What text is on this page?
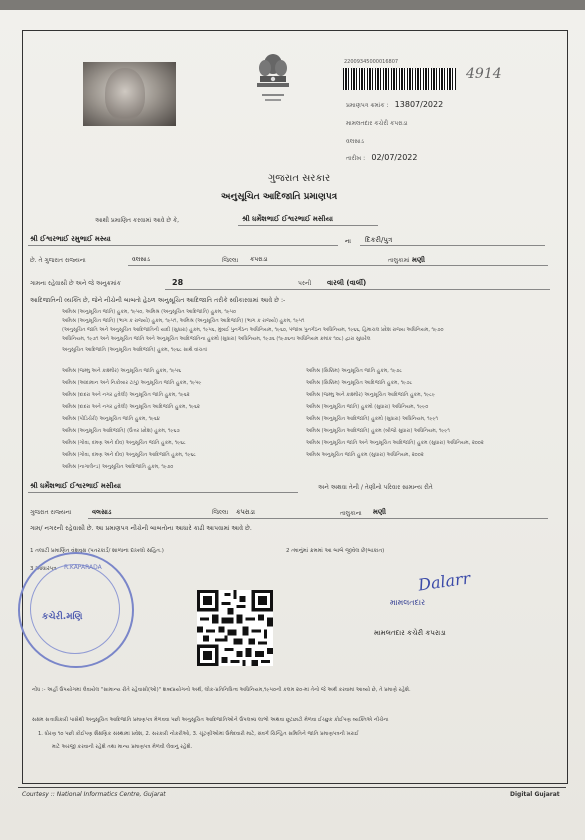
22009345000016807
4914
પ્રમાણપત્ર ક્રમાંક : 13807/2022
મામલતદાર કચેરી કપરાડા
વલસાડ
તારીખ : 02/07/2022
ગુજરાત સરકાર
અનુસૂચિત આદિજાતિ પ્રમાણપત્ર
આથી પ્રમાણિત કરવામાં આવે છે કે,	શ્રી ધર્મેશભાઈ ઈશ્વરભાઈ મસીયા
શ્રી ઈશ્વરભાઈ રમુભાઈ મસ્યા	ના દિકરી/પુત્ર
છે. તે ગુજરાત રાજ્યના	વલસાડ	જિલ્લા કપરાડા	તાલુકામાં મણી
ગામના રહેવાસી છે અને જે અનુક્રમાંક	28	પરની વારલી (વાર્લી)
આદિજાતિની વ્યક્તિ છે, જેને નીચેની બાબતો હેઠળ અનુસૂચિત આદિજાતિ તરીકે સ્વીકારવામાં આવે છે :-
અમિશ્ર (અનુસૂચિત જાતિ) હુકમ, ૧૯૫૦, અમિશ્ર (અનુસૂચિત આદિજાતિ) હુકમ, ૧૯૫૦
અમિશ્ર (અનુસૂચિત જાતિ) (ભાગ ક રાજ્યો) હુકમ, ૧૯૫૧, અમિશ્ર (અનુસૂચિત આદિજાતિ) (ભાગ ક રાજ્યો) હુકમ, ૧૯૫૧
(અનુસૂચિત જાતિ અને અનુસૂચિત આદિજાતિની યાદી (સુધારા) હુકમ, ૧૯૫૬, મુંબઈ પુનર્ગઠન અધિનિયમ, ૧૯૬૦, પંજાબ પુનર્ગઠન અધિનિયમ, ૧૯૬૬, હિમાચલ પ્રદેશ રાજ્ય અધિનિયમ, ૧૯૭૦
અધિનિયમ, ૧૯૭૧ અને અનુસૂચિત જાતિ અને અનુસૂચિત આદિજાતિના હુકમો (સુધારા) અધિનિયમ, ૧૯૭૬ (૧૯૭૬ના અધિનિયમ ક્રમાંક ૧૦૮) દ્વારા સુધારેલ
અનુસૂચિત આદિજાતિ (અનુસૂચિત આદિજાતિ) હુકમ, ૧૯૬૮ સાથે વાંચતાં
અમિશ્ર (જમ્મુ અને કાશ્મીર) અનુસૂચિત જાતિ હુકમ, ૧૯૫૬
અમિશ્ર (આંદામાન અને નિકોબાર ટાપુ) અનુસૂચિત જાતિ હુકમ, ૧૯૫૯
અમિશ્ર (દાદરા અને નગર હવેલી) અનુસૂચિત જાતિ હુકમ, ૧૯૬૨
અમિશ્ર (દાદરા અને નગર હવેલી) અનુસૂચિત આદિજાતિ હુકમ, ૧૯૬૨
અમિશ્ર (પોંડિચેરી) અનુસૂચિત જાતિ હુકમ, ૧૯૬૪
અમિશ્ર (અનુસૂચિત આદિજાતિ) (ઉત્તર પ્રદેશ) હુકમ, ૧૯૬૭
અમિશ્ર (ગોવા, દમણ અને દીવ) અનુસૂચિત જાતિ હુકમ, ૧૯૬૮
અમિશ્ર (ગોવા, દમણ અને દીવ) અનુસૂચિત આદિજાતિ હુકમ, ૧૯૬૮
અમિશ્ર (નાગાલેન્ડ) અનુસૂચિત આદિજાતિ હુકમ, ૧૯૭૦
અમિશ્ર (સિક્કિમ) અનુસૂચિત જાતિ હુકમ, ૧૯૭૮
અમિશ્ર (સિક્કિમ) અનુસૂચિત આદિજાતિ હુકમ, ૧૯૭૮
અમિશ્ર (જમ્મુ અને કાશ્મીર) અનુસૂચિત આદિજાતિ હુકમ, ૧૯૮૯
અમિશ્ર (અનુસૂચિત જાતિ) હુકમો (સુધારા) અધિનિયમ, ૧૯૯૦
અમિશ્ર (અનુસૂચિત આદિજાતિ) હુકમો (સુધારા) અધિનિયમ, ૧૯૯૧
અમિશ્ર (અનુસૂચિત આદિજાતિ) હુકમ (બીજો સુધારા) અધિનિયમ, ૧૯૯૧
અમિશ્ર (અનુસૂચિત જાતિ અને અનુસૂચિત આદિજાતિ) હુકમ (સુધારા) અધિનિયમ, ૨૦૦૨
અમિશ્ર અનુસૂચિત જાતિ હુકમ (સુધારા) અધિનિયમ, ૨૦૦૨
શ્રી ધર્મેશભાઈ ઈશ્વરભાઈ મસીયા	અને અથવા તેની / તેણીનો પરિવાર સામાન્ય રીતે
ગુજરાત રાજ્યના	વલસાડ	જિલ્લા કપરાડા	તાલુકાના મણી
ગામ/ નગરની રહેવાસી છે. આ પ્રમાણપત્ર નીચેની બાબતોના આધારે કાઢી આપવામાં આવે છે.
1 તલાટી પ્રમાણિત વંશવૃક્ષ (પતરકાર્ડ/ શાળાના દાખલો સહિત.)	2 ત્માનુંમાં ક્રમમાં આ બાબે જીવેલ છે(બાકાત)
3 આધારપત્ર R.KAPARADA
કચેરી.મણિ
Dalarr
મામલતદાર
મામલતદાર કચેરી કપરાડા
નોંધ :- અહીં ઉપયોગમાં લેવાયેલ "સામાન્ય રીતે રહેવાસી(ઓ)" શબ્દપ્રયોગનો અર્થ, લોક-પ્રતિનિધિત્વ અધિનિયમ,૧૯૫૦ની કલમ ૨૦-માં તેનો જે અર્થ કરવામાં આવ્યો છે, તે પ્રમાણે રહેશે.
સક્ષમ સત્તાધિકારી પાસેથી અનુસૂચિત આદિજાતિ પ્રમાણપત્ર મેળવવા પછી અનુસૂચિત આદિજાતિઓને ઉપલબ્ધ લાભો અથવા છૂટછાટો મેળવા ઈચ્છુક કોઈપણ વ્યક્તિએ નીચેના
1. ધોરણ ૧૦ પછી કોઈપણ શૈક્ષણિક સંસ્થામાં પ્રવેશ, 2. સરકારી નોકરીઓ, 3. ચૂંટણીઓમાં ઉમેદવારી માટે, સંવર્ગ ચિન્હિત સમિતિને જાતિ પ્રમાણપત્રની ખરાઈ
માટે અરજી કરવાની રહેશે તથા માન્ય પ્રમાણપત્ર મેળવી લેવાનું રહેશે.
Courtesy :: National Informatics Centre, Gujarat	Digital Gujarat
